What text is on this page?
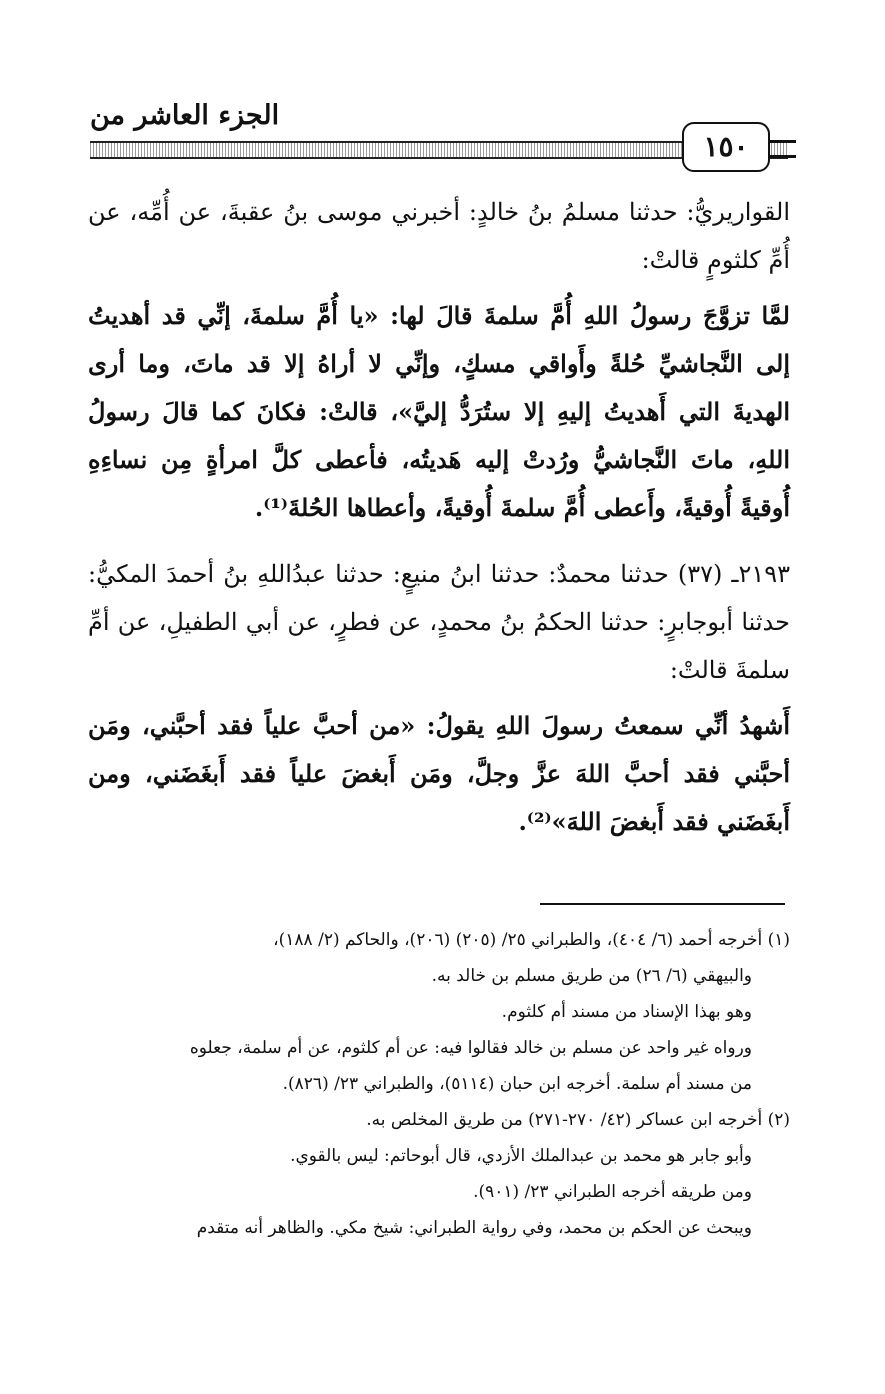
الجزء العاشر من
١٥٠

القواريريُّ: حدثنا مسلمُ بنُ خالدٍ: أخبرني موسى بنُ عقبةَ، عن أُمِّه، عن أُمِّ كلثومٍ قالتْ:

لمَّا تزوَّجَ رسولُ اللهِ أُمَّ سلمةَ قالَ لها: «يا أُمَّ سلمةَ، إنِّي قد أهديتُ إلى النَّجاشيِّ حُلةً وأَواقي مسكٍ، وإنِّي لا أراهُ إلا قد ماتَ، وما أرى الهديةَ التي أَهديتُ إليهِ إلا ستُرَدُّ إليَّ»، قالتْ: فكانَ كما قالَ رسولُ اللهِ، ماتَ النَّجاشيُّ ورُدتْ إليه هَديتُه، فأعطى كلَّ امرأةٍ مِن نساءِهِ أُوقيةً أُوقيةً، وأَعطى أُمَّ سلمةَ أُوقيةً، وأعطاها الحُلةَ⁽¹⁾.

٢١٩٣ـ (٣٧) حدثنا محمدٌ: حدثنا ابنُ منيعٍ: حدثنا عبدُاللهِ بنُ أحمدَ المكيُّ: حدثنا أبوجابرٍ: حدثنا الحكمُ بنُ محمدٍ، عن فطرٍ، عن أبي الطفيلِ، عن أمِّ سلمةَ قالتْ:

أَشهدُ أنِّي سمعتُ رسولَ اللهِ يقولُ: «من أحبَّ علياً فقد أحبَّني، ومَن أحبَّني فقد أحبَّ اللهَ عزَّ وجلَّ، ومَن أَبغضَ علياً فقد أَبغَضَني، ومن أَبغَضَني فقد أَبغضَ اللهَ»⁽²⁾.

(١) أخرجه أحمد (٦/ ٤٠٤)، والطبراني ٢٥/ (٢٠٥) (٢٠٦)، والحاكم (٢/ ١٨٨)،

والبيهقي (٦/ ٢٦) من طريق مسلم بن خالد به.

وهو بهذا الإسناد من مسند أم كلثوم.

ورواه غير واحد عن مسلم بن خالد فقالوا فيه: عن أم كلثوم، عن أم سلمة، جعلوه

من مسند أم سلمة. أخرجه ابن حبان (٥١١٤)، والطبراني ٢٣/ (٨٢٦).

(٢) أخرجه ابن عساكر (٤٢/ ٢٧٠-٢٧١) من طريق المخلص به.

وأبو جابر هو محمد بن عبدالملك الأزدي، قال أبوحاتم: ليس بالقوي.

ومن طريقه أخرجه الطبراني ٢٣/ (٩٠١).

ويبحث عن الحكم بن محمد، وفي رواية الطبراني: شيخ مكي. والظاهر أنه متقدم
